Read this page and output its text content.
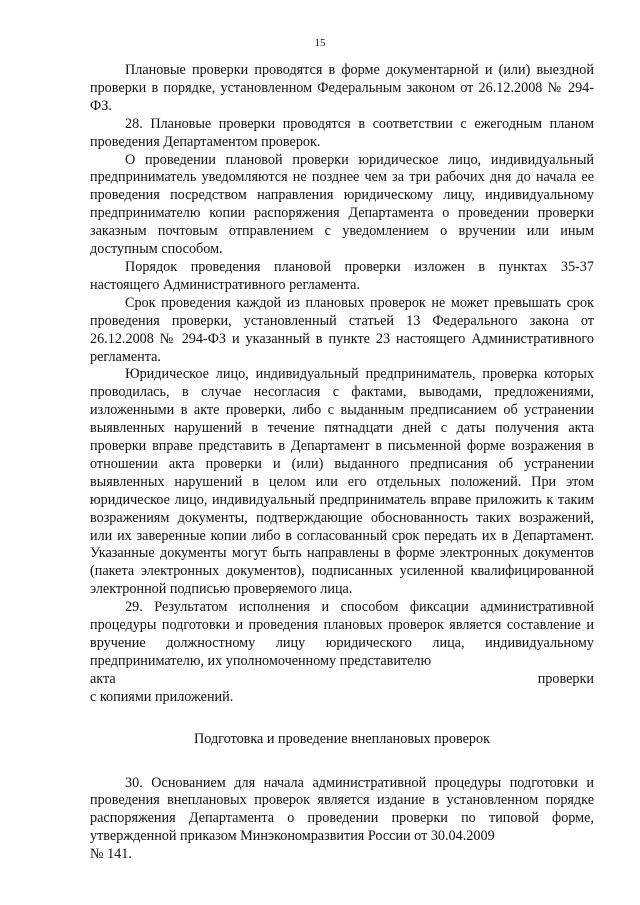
15

Плановые проверки проводятся в форме документарной и (или) выездной проверки в порядке, установленном Федеральным законом от 26.12.2008 № 294-ФЗ.

28. Плановые проверки проводятся в соответствии с ежегодным планом проведения Департаментом проверок.

О проведении плановой проверки юридическое лицо, индивидуальный предприниматель уведомляются не позднее чем за три рабочих дня до начала ее проведения посредством направления юридическому лицу, индивидуальному предпринимателю копии распоряжения Департамента о проведении проверки заказным почтовым отправлением с уведомлением о вручении или иным доступным способом.

Порядок проведения плановой проверки изложен в пунктах 35-37 настоящего Административного регламента.

Срок проведения каждой из плановых проверок не может превышать срок проведения проверки, установленный статьей 13 Федерального закона от 26.12.2008 № 294-ФЗ и указанный в пункте 23 настоящего Административного регламента.

Юридическое лицо, индивидуальный предприниматель, проверка которых проводилась, в случае несогласия с фактами, выводами, предложениями, изложенными в акте проверки, либо с выданным предписанием об устранении выявленных нарушений в течение пятнадцати дней с даты получения акта проверки вправе представить в Департамент в письменной форме возражения в отношении акта проверки и (или) выданного предписания об устранении выявленных нарушений в целом или его отдельных положений. При этом юридическое лицо, индивидуальный предприниматель вправе приложить к таким возражениям документы, подтверждающие обоснованность таких возражений, или их заверенные копии либо в согласованный срок передать их в Департамент. Указанные документы могут быть направлены в форме электронных документов (пакета электронных документов), подписанных усиленной квалифицированной электронной подписью проверяемого лица.

29. Результатом исполнения и способом фиксации административной процедуры подготовки и проведения плановых проверок является составление и вручение должностному лицу юридического лица, индивидуальному предпринимателю, их уполномоченному представителю

акта	проверки

с копиями приложений.

Подготовка и проведение внеплановых проверок

30. Основанием для начала административной процедуры подготовки и проведения внеплановых проверок является издание в установленном порядке распоряжения Департамента о проведении проверки по типовой форме, утвержденной приказом Минэкономразвития России от 30.04.2009

№ 141.
